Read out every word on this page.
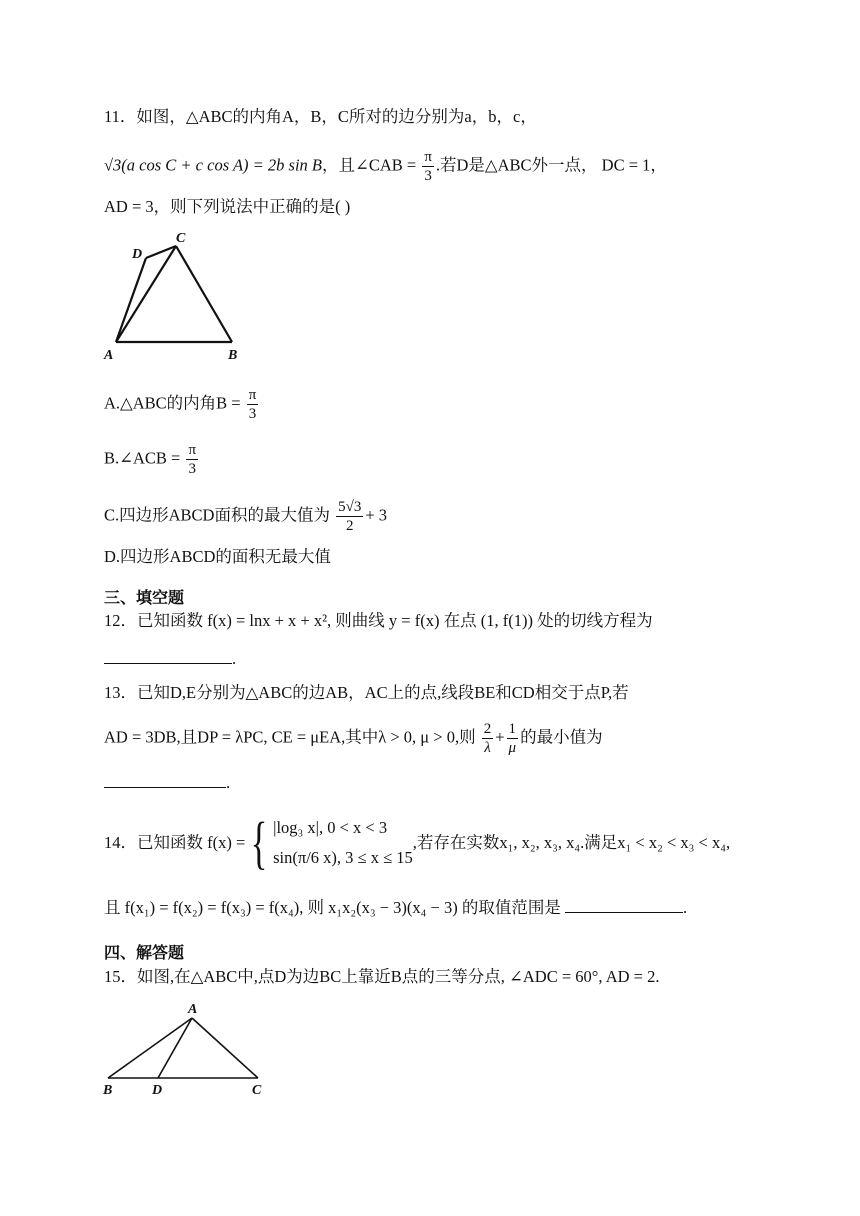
11．如图，△ABC的内角A，B，C所对的边分别为a，b，c，
√3(a cos C + c cos A) = 2b sin B，且∠CAB = $\frac{\pi}{3}$ .若D是△ABC外一点， DC = 1，
AD = 3，则下列说法中正确的是( )
A	B
C
D
A.△ABC的内角$B = \frac{\pi}{3}$
B.∠ACB = $\frac{\pi}{3}$
C.四边形ABCD面积的最大值为 $\frac{5√3}{2} + 3$
D.四边形ABCD的面积无最大值
三、填空题
12．已知函数 f(x) = lnx + x + x², 则曲线 y = f(x) 在点 (1, f(1)) 处的切线方程为
.
13．已知D,E分别为△ABC的边AB，AC上的点,线段BE和CD相交于点P,若
AD = 3DB,且DP = λPC, CE = μEA,其中λ > 0, μ > 0,则 $\frac{2}{\lambda} + \frac{1}{\mu}$ 的最小值为
.
14．已知函数 f(x) = { |log₃ x|, 0 < x < 3
sin(π/6 x), 3 ≤ x ≤ 15
,若存在实数x₁, x₂, x₃, x₄.满足x₁ < x₂ < x₃ < x₄,
且 f(x₁) = f(x₂) = f(x₃) = f(x₄), 则 x₁x₂(x₃ − 3)(x₄ − 3) 的取值范围是	.
四、解答题
15．如图,在△ABC中,点D为边BC上靠近B点的三等分点, ∠ADC = 60°, AD = 2.
A
B	D	C
